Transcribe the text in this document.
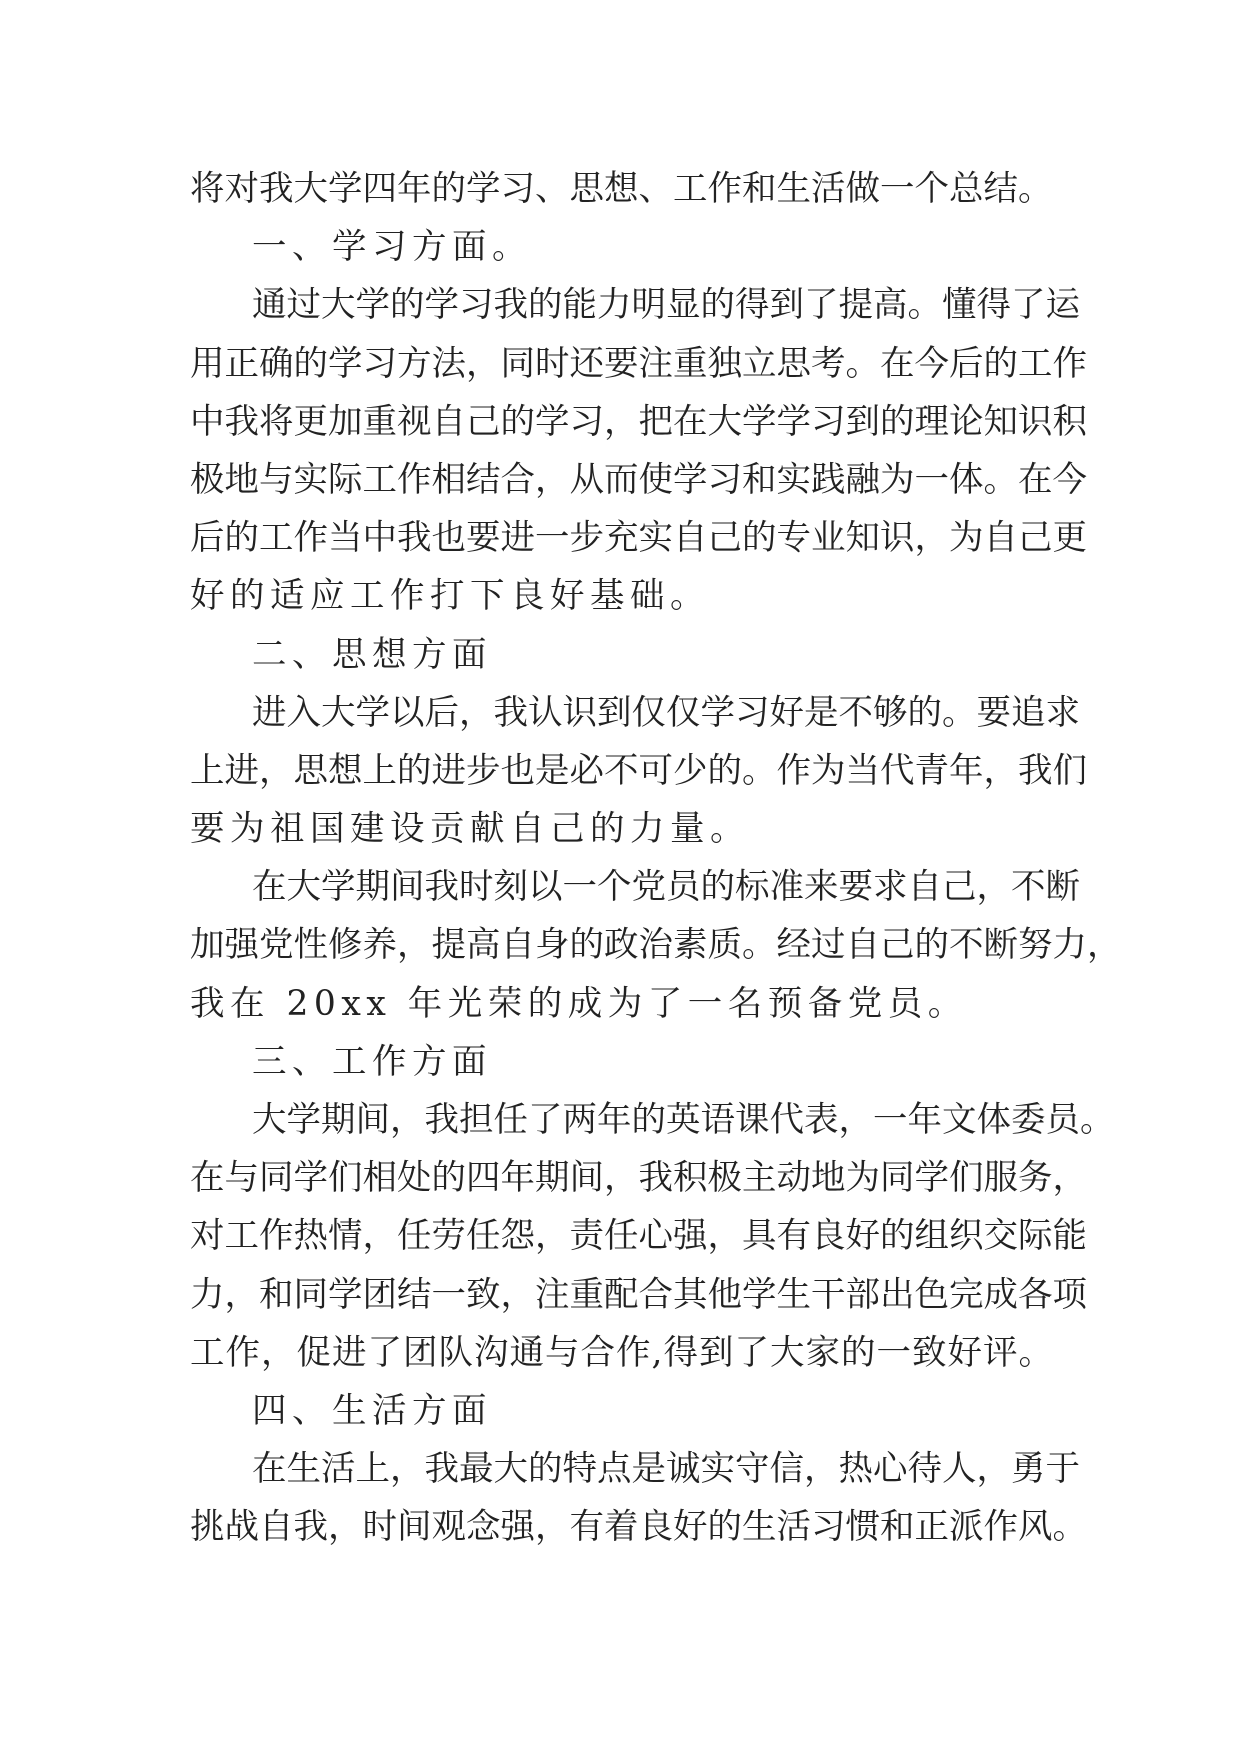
将对我大学四年的学习、思想、工作和生活做一个总结。
一、学习方面。
通过大学的学习我的能力明显的得到了提高。懂得了运
用正确的学习方法，同时还要注重独立思考。在今后的工作
中我将更加重视自己的学习，把在大学学习到的理论知识积
极地与实际工作相结合，从而使学习和实践融为一体。在今
后的工作当中我也要进一步充实自己的专业知识，为自己更
好的适应工作打下良好基础。
二、思想方面
进入大学以后，我认识到仅仅学习好是不够的。要追求
上进，思想上的进步也是必不可少的。作为当代青年，我们
要为祖国建设贡献自己的力量。
在大学期间我时刻以一个党员的标准来要求自己，不断
加强党性修养，提高自身的政治素质。经过自己的不断努力，
我在 20xx 年光荣的成为了一名预备党员。
三、工作方面
大学期间，我担任了两年的英语课代表，一年文体委员。
在与同学们相处的四年期间，我积极主动地为同学们服务，
对工作热情，任劳任怨，责任心强，具有良好的组织交际能
力，和同学团结一致，注重配合其他学生干部出色完成各项
工作，促进了团队沟通与合作,得到了大家的一致好评。
四、生活方面
在生活上，我最大的特点是诚实守信，热心待人，勇于
挑战自我，时间观念强，有着良好的生活习惯和正派作风。
